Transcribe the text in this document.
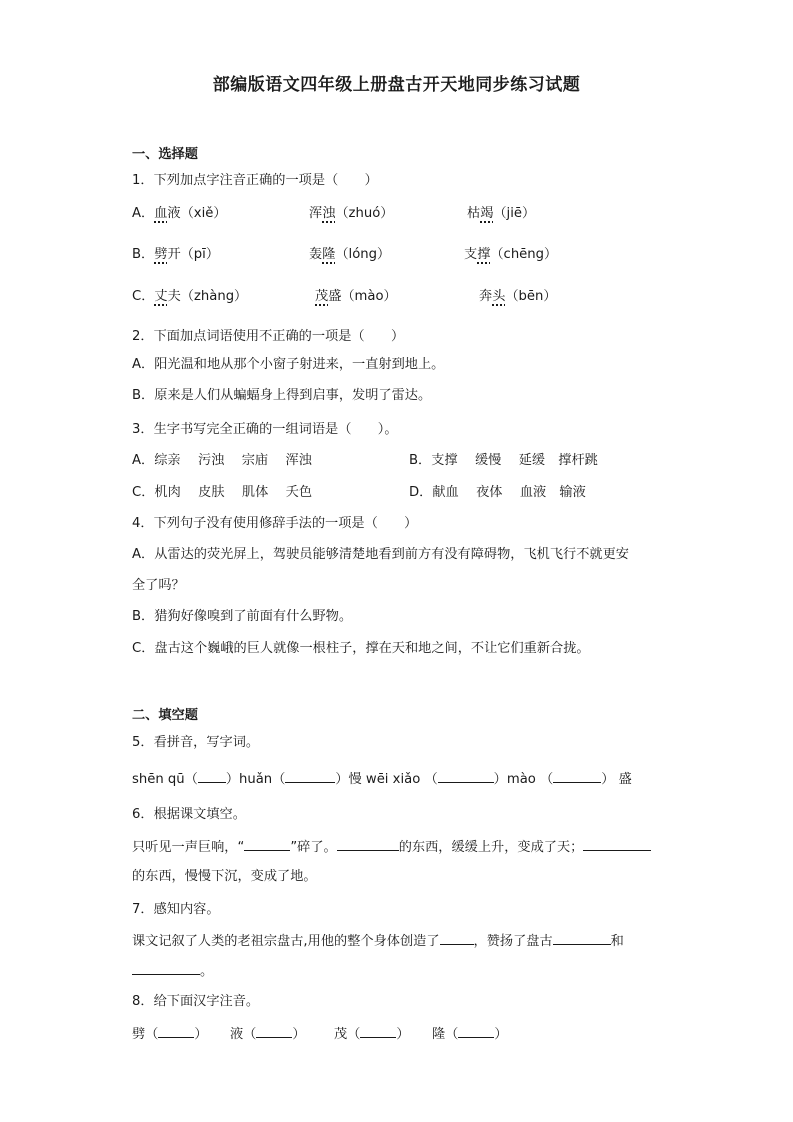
部编版语文四年级上册盘古开天地同步练习试题
一、选择题
1．下列加点字注音正确的一项是（　　）
A．血液（xiě）	浑浊（zhuó）	枯竭（jiē）
B．劈开（pī）	轰隆（lóng）	支撑（chēng）
C．丈夫（zhàng）	茂盛（mào）	奔头（bēn）
2．下面加点词语使用不正确的一项是（　　）
A．阳光温和地从那个小窗子射进来，一直射到地上。
B．原来是人们从蝙蝠身上得到启事，发明了雷达。
3．生字书写完全正确的一组词语是（　　）。
A．综亲　 污浊　 宗庙　 浑浊	B．支撑　 缓慢　 延缓　撑杆跳
C．机肉　 皮肤　 肌体　 夭色	D．献血　 夜体　 血液　输液
4．下列句子没有使用修辞手法的一项是（　　）
A．从雷达的荧光屏上，驾驶员能够清楚地看到前方有没有障碍物，飞机飞行不就更安
全了吗？
B．猎狗好像嗅到了前面有什么野物。
C．盘古这个巍峨的巨人就像一根柱子，撑在天和地之间，不让它们重新合拢。
二、填空题
5．看拼音，写字词。
shēn qū（ ）huǎn（	）慢 wēi xiǎo （	）mào （	） 盛
6．根据课文填空。
只听见一声巨响，“	”碎了。	的东西，缓缓上升，变成了天；
的东西，慢慢下沉，变成了地。
7．感知内容。
课文记叙了人类的老祖宗盘古,用他的整个身体创造了	，赞扬了盘古	和
。
8．给下面汉字注音。
劈（	） 液（	） 茂（	） 隆（	）
